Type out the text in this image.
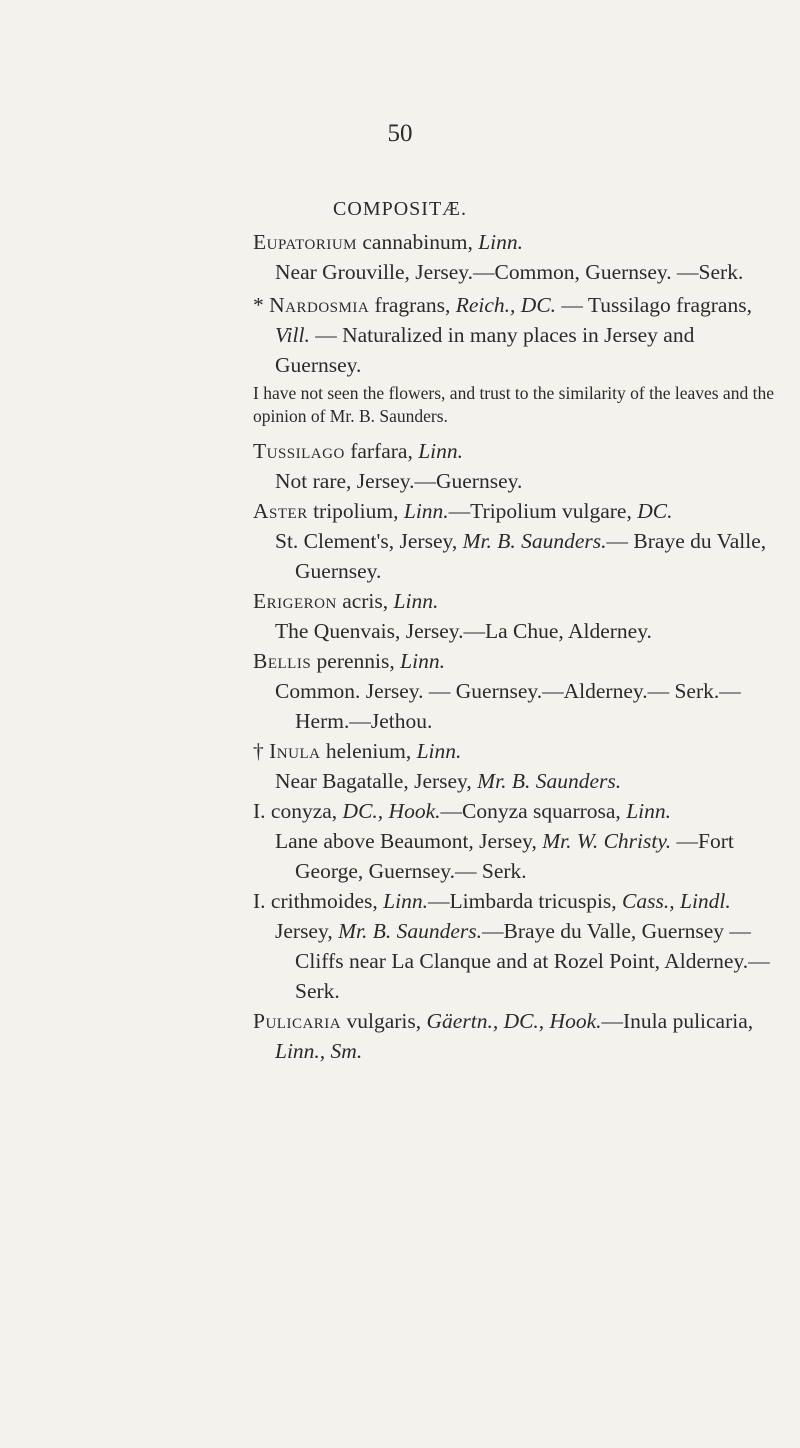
50
COMPOSITÆ.

Eupatorium cannabinum, Linn.

Near Grouville, Jersey.—Common, Guernsey. —Serk.

* Nardosmia fragrans, Reich., DC. — Tussilago fragrans, Vill. — Naturalized in many places in Jersey and Guernsey.

I have not seen the flowers, and trust to the similarity of the leaves and the opinion of Mr. B. Saunders.

Tussilago farfara, Linn.

Not rare, Jersey.—Guernsey.

Aster tripolium, Linn.—Tripolium vulgare, DC.

St. Clement's, Jersey, Mr. B. Saunders.— Braye du Valle, Guernsey.

Erigeron acris, Linn.

The Quenvais, Jersey.—La Chue, Alderney.

Bellis perennis, Linn.

Common. Jersey. — Guernsey.—Alderney.— Serk.—Herm.—Jethou.

† Inula helenium, Linn.

Near Bagatalle, Jersey, Mr. B. Saunders.

I. conyza, DC., Hook.—Conyza squarrosa, Linn.

Lane above Beaumont, Jersey, Mr. W. Christy. —Fort George, Guernsey.— Serk.

I. crithmoides, Linn.—Limbarda tricuspis, Cass., Lindl.

Jersey, Mr. B. Saunders.—Braye du Valle, Guernsey —Cliffs near La Clanque and at Rozel Point, Alderney.—Serk.

Pulicaria vulgaris, Gäertn., DC., Hook.—Inula pulicaria, Linn., Sm.
